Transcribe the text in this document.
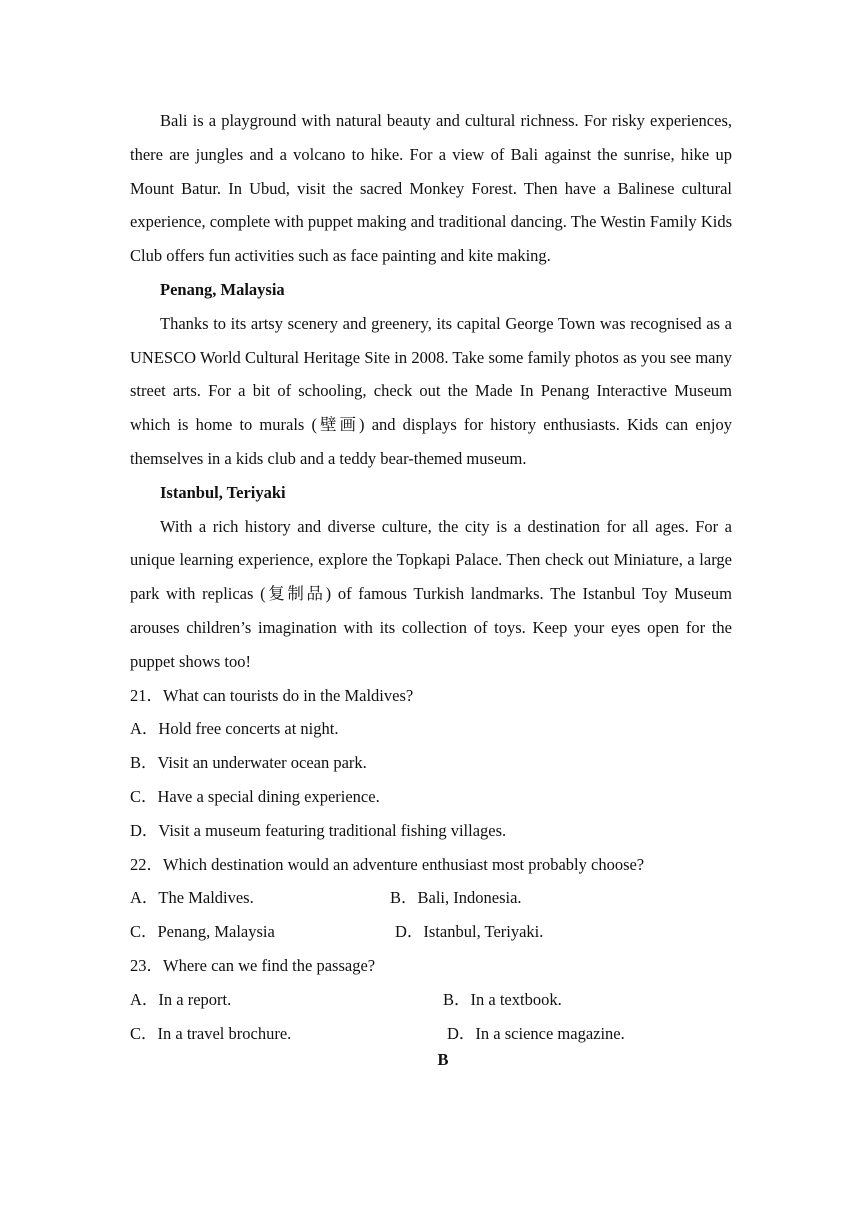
Bali is a playground with natural beauty and cultural richness. For risky experiences, there are jungles and a volcano to hike. For a view of Bali against the sunrise, hike up Mount Batur. In Ubud, visit the sacred Monkey Forest. Then have a Balinese cultural experience, complete with puppet making and traditional dancing. The Westin Family Kids Club offers fun activities such as face painting and kite making.

Penang, Malaysia

Thanks to its artsy scenery and greenery, its capital George Town was recognised as a UNESCO World Cultural Heritage Site in 2008. Take some family photos as you see many street arts. For a bit of schooling, check out the Made In Penang Interactive Museum which is home to murals (壁画) and displays for history enthusiasts. Kids can enjoy themselves in a kids club and a teddy bear-themed museum.

Istanbul, Teriyaki

With a rich history and diverse culture, the city is a destination for all ages. For a unique learning experience, explore the Topkapi Palace. Then check out Miniature, a large park with replicas (复制品) of famous Turkish landmarks. The Istanbul Toy Museum arouses children’s imagination with its collection of toys. Keep your eyes open for the puppet shows too!

21．What can tourists do in the Maldives?

A．Hold free concerts at night.

B．Visit an underwater ocean park.

C．Have a special dining experience.

D．Visit a museum featuring traditional fishing villages.

22．Which destination would an adventure enthusiast most probably choose?

A．The Maldives.	B．Bali, Indonesia.
C．Penang, Malaysia	D．Istanbul, Teriyaki.

23．Where can we find the passage?

A．In a report.	B．In a textbook.
C．In a travel brochure.	D．In a science magazine.

B
